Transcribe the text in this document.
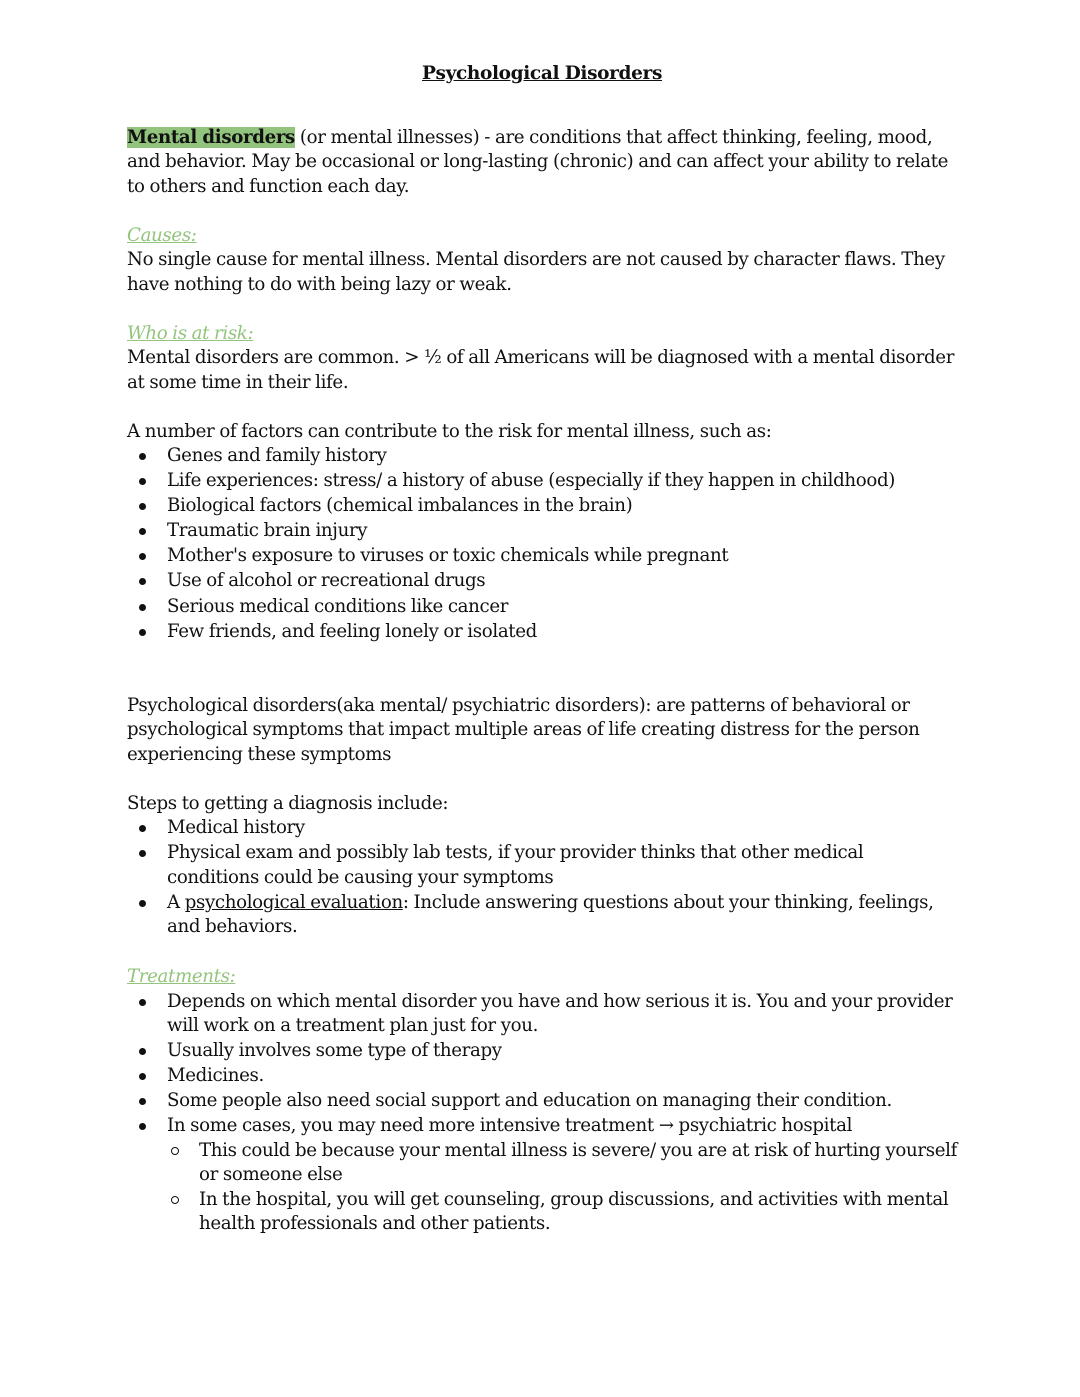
Psychological Disorders

Mental disorders (or mental illnesses) - are conditions that affect thinking, feeling, mood, and behavior. May be occasional or long-lasting (chronic) and can affect your ability to relate to others and function each day.

Causes:

No single cause for mental illness. Mental disorders are not caused by character flaws. They have nothing to do with being lazy or weak.

Who is at risk:

Mental disorders are common. > ½ of all Americans will be diagnosed with a mental disorder at some time in their life.

A number of factors can contribute to the risk for mental illness, such as:

Genes and family history
Life experiences: stress/ a history of abuse (especially if they happen in childhood)
Biological factors (chemical imbalances in the brain)
Traumatic brain injury
Mother's exposure to viruses or toxic chemicals while pregnant
Use of alcohol or recreational drugs
Serious medical conditions like cancer
Few friends, and feeling lonely or isolated

Psychological disorders(aka mental/ psychiatric disorders): are patterns of behavioral or psychological symptoms that impact multiple areas of life creating distress for the person experiencing these symptoms

Steps to getting a diagnosis include:

Medical history
Physical exam and possibly lab tests, if your provider thinks that other medical conditions could be causing your symptoms
A psychological evaluation: Include answering questions about your thinking, feelings, and behaviors.

Treatments:

Depends on which mental disorder you have and how serious it is. You and your provider will work on a treatment plan just for you.
Usually involves some type of therapy
Medicines.
Some people also need social support and education on managing their condition.
In some cases, you may need more intensive treatment → psychiatric hospital
This could be because your mental illness is severe/ you are at risk of hurting yourself or someone else
In the hospital, you will get counseling, group discussions, and activities with mental health professionals and other patients.
